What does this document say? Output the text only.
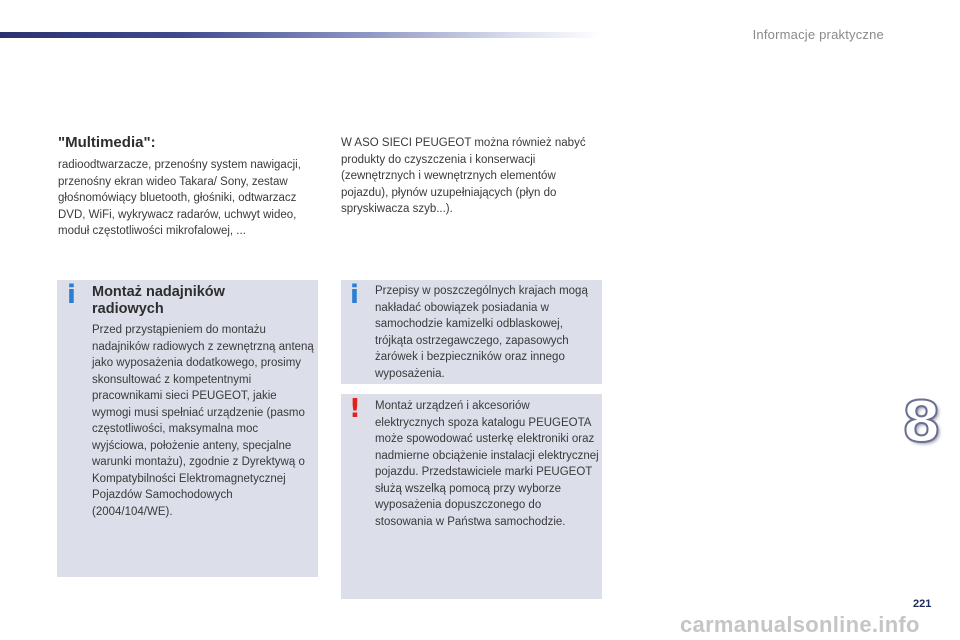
Informacje praktyczne
"Multimedia":
radioodtwarzacze, przenośny system nawigacji, przenośny ekran wideo Takara/ Sony, zestaw głośnomówiący bluetooth, głośniki, odtwarzacz DVD, WiFi, wykrywacz radarów, uchwyt wideo, moduł częstotliwości mikrofalowej, ...
W ASO SIECI PEUGEOT można również nabyć produkty do czyszczenia i konserwacji (zewnętrznych i wewnętrznych elementów pojazdu), płynów uzupełniających (płyn do spryskiwacza szyb...).
i Montaż nadajników radiowych
Przed przystąpieniem do montażu nadajników radiowych z zewnętrzną anteną jako wyposażenia dodatkowego, prosimy skonsultować z kompetentnymi pracownikami sieci PEUGEOT, jakie wymogi musi spełniać urządzenie (pasmo częstotliwości, maksymalna moc wyjściowa, położenie anteny, specjalne warunki montażu), zgodnie z Dyrektywą o Kompatybilności Elektromagnetycznej Pojazdów Samochodowych (2004/104/WE).
i Przepisy w poszczególnych krajach mogą nakładać obowiązek posiadania w samochodzie kamizelki odblaskowej, trójkąta ostrzegawczego, zapasowych żarówek i bezpieczników oraz innego wyposażenia.
! Montaż urządzeń i akcesoriów elektrycznych spoza katalogu PEUGEOTA może spowodować usterkę elektroniki oraz nadmierne obciążenie instalacji elektrycznej pojazdu. Przedstawiciele marki PEUGEOT służą wszelką pomocą przy wyborze wyposażenia dopuszczonego do stosowania w Państwa samochodzie.
8
221
carmanualsonline.info
